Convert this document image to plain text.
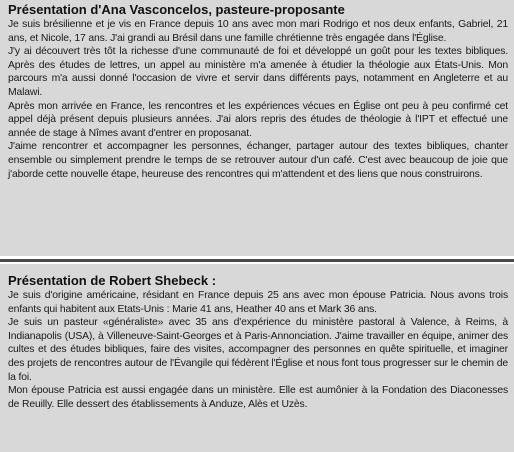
Présentation d'Ana Vasconcelos, pasteure-proposante

Je suis brésilienne et je vis en France depuis 10 ans avec mon mari Rodrigo et nos deux enfants, Gabriel, 21 ans, et Nicole, 17 ans. J'ai grandi au Brésil dans une famille chrétienne très engagée dans l'Église.

J'y ai découvert très tôt la richesse d'une communauté de foi et développé un goût pour les textes bibliques. Après des études de lettres, un appel au ministère m'a amenée à étudier la théologie aux États-Unis. Mon parcours m'a aussi donné l'occasion de vivre et servir dans différents pays, notamment en Angleterre et au Malawi.

Après mon arrivée en France, les rencontres et les expériences vécues en Église ont peu à peu confirmé cet appel déjà présent depuis plusieurs années. J'ai alors repris des études de théologie à l'IPT et effectué une année de stage à Nîmes avant d'entrer en proposanat.

J'aime rencontrer et accompagner les personnes, échanger, partager autour des textes bibliques, chanter ensemble ou simplement prendre le temps de se retrouver autour d'un café. C'est avec beaucoup de joie que j'aborde cette nouvelle étape, heureuse des rencontres qui m'attendent et des liens que nous construirons.

Présentation de Robert Shebeck :

Je suis d'origine américaine, résidant en France depuis 25 ans avec mon épouse Patricia. Nous avons trois enfants qui habitent aux Etats-Unis : Marie 41 ans, Heather 40 ans et Mark 36 ans.

Je suis un pasteur «généraliste» avec 35 ans d'expérience du ministère pastoral à Valence, à Reims, à Indianapolis (USA), à Villeneuve-Saint-Georges et à Paris-Annonciation. J'aime travailler en équipe, animer des cultes et des études bibliques, faire des visites, accompagner des personnes en quête spirituelle, et imaginer des projets de rencontres autour de l'Évangile qui fédèrent l'Église et nous font tous progresser sur le chemin de la foi.

Mon épouse Patricia est aussi engagée dans un ministère. Elle est aumônier à la Fondation des Diaconesses de Reuilly. Elle dessert des établissements à Anduze, Alès et Uzès.
